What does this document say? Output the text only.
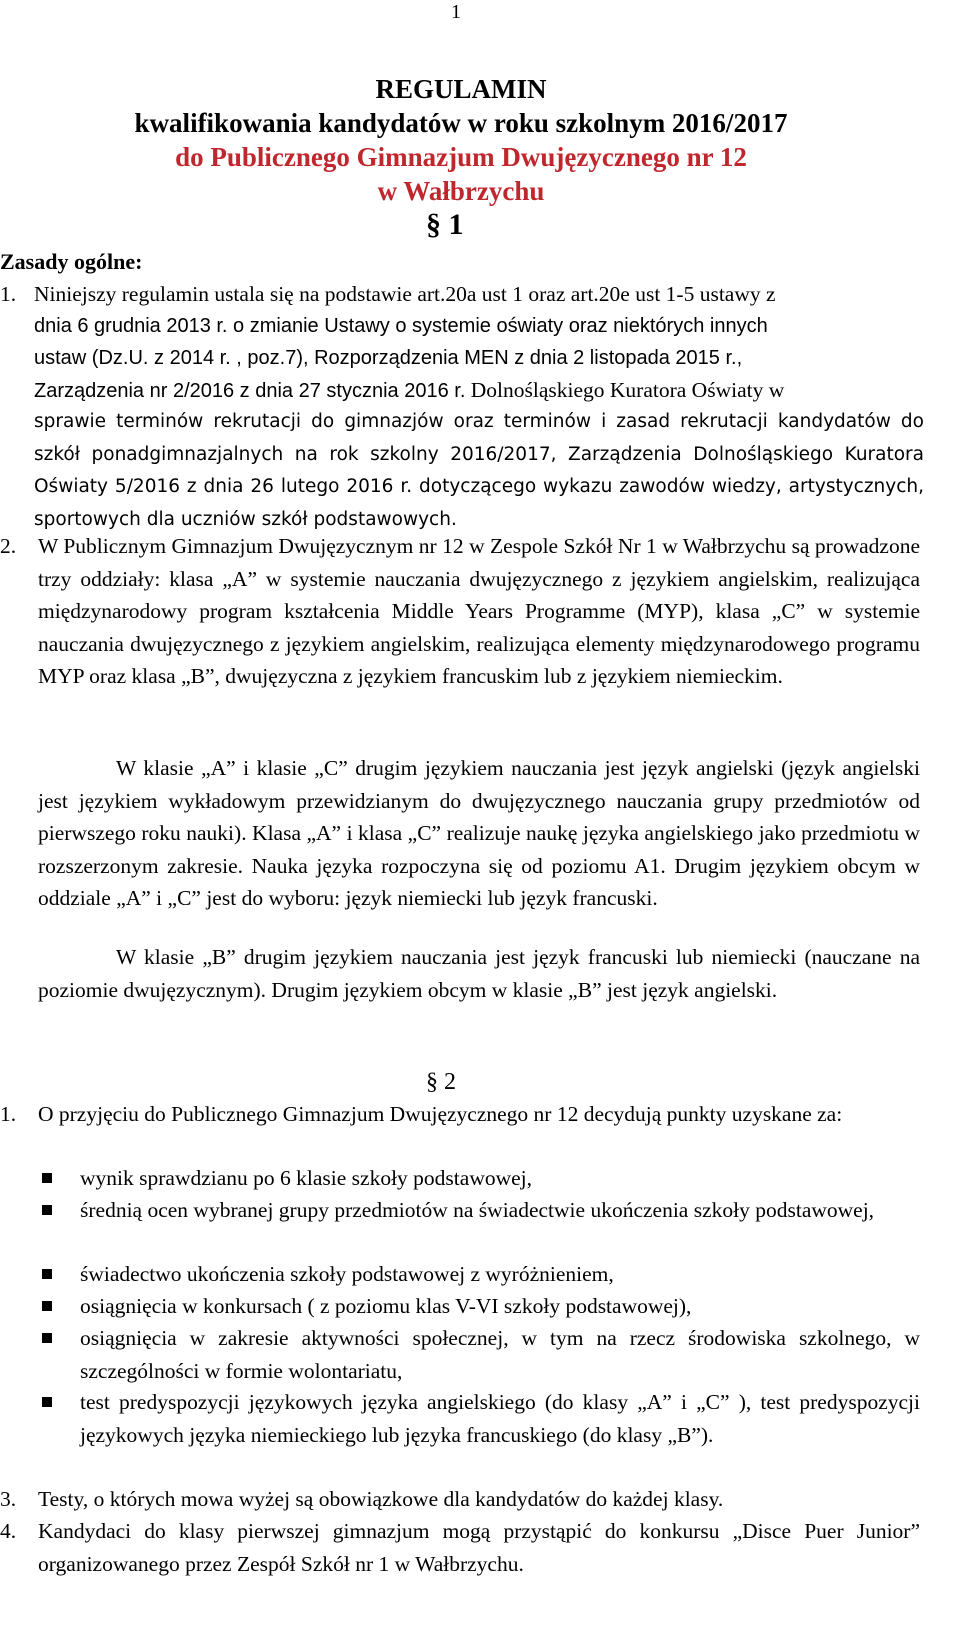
1
REGULAMIN
kwalifikowania kandydatów w roku szkolnym 2016/2017
do Publicznego Gimnazjum Dwujęzycznego nr 12
w Wałbrzychu
§ 1
Zasady ogólne:
1. Niniejszy regulamin ustala się na podstawie art.20a ust 1 oraz art.20e ust 1-5 ustawy z
dnia 6 grudnia 2013 r. o zmianie Ustawy o systemie oświaty oraz niektórych innych
ustaw (Dz.U. z 2014 r. , poz.7), Rozporządzenia MEN z dnia 2 listopada 2015 r.,
Zarządzenia nr 2/2016 z dnia 27 stycznia 2016 r. Dolnośląskiego Kuratora Oświaty w
sprawie terminów rekrutacji do gimnazjów oraz terminów i zasad rekrutacji kandydatów do szkół ponadgimnazjalnych na rok szkolny 2016/2017, Zarządzenia Dolnośląskiego Kuratora Oświaty 5/2016 z dnia 26 lutego 2016 r. dotyczącego wykazu zawodów wiedzy, artystycznych, sportowych dla uczniów szkół podstawowych.
2. W Publicznym Gimnazjum Dwujęzycznym nr 12 w Zespole Szkół Nr 1 w Wałbrzychu są prowadzone trzy oddziały: klasa „A” w systemie nauczania dwujęzycznego z językiem angielskim, realizująca międzynarodowy program kształcenia Middle Years Programme (MYP), klasa „C” w systemie nauczania dwujęzycznego z językiem angielskim, realizująca elementy międzynarodowego programu MYP oraz klasa „B”, dwujęzyczna z językiem francuskim lub z językiem niemieckim.
W klasie „A” i klasie „C” drugim językiem nauczania jest język angielski (język angielski jest językiem wykładowym przewidzianym do dwujęzycznego nauczania grupy przedmiotów od pierwszego roku nauki). Klasa „A” i klasa „C” realizuje naukę języka angielskiego jako przedmiotu w rozszerzonym zakresie. Nauka języka rozpoczyna się od poziomu A1. Drugim językiem obcym w oddziale „A” i „C” jest do wyboru: język niemiecki lub język francuski.
W klasie „B” drugim językiem nauczania jest język francuski lub niemiecki (nauczane na poziomie dwujęzycznym). Drugim językiem obcym w klasie „B” jest język angielski.
§ 2
1. O przyjęciu do Publicznego Gimnazjum Dwujęzycznego nr 12 decydują punkty uzyskane za:
wynik sprawdzianu po 6 klasie szkoły podstawowej,
średnią ocen wybranej grupy przedmiotów na świadectwie ukończenia szkoły podstawowej,
świadectwo ukończenia szkoły podstawowej z wyróżnieniem,
osiągnięcia w konkursach ( z poziomu klas V-VI szkoły podstawowej),
osiągnięcia w zakresie aktywności społecznej, w tym na rzecz środowiska szkolnego, w szczególności w formie wolontariatu,
test predyspozycji językowych języka angielskiego (do klasy „A” i „C” ), test predyspozycji językowych języka niemieckiego lub języka francuskiego (do klasy „B”).
3. Testy, o których mowa wyżej są obowiązkowe dla kandydatów do każdej klasy.
4. Kandydaci do klasy pierwszej gimnazjum mogą przystąpić do konkursu „Disce Puer Junior” organizowanego przez Zespół Szkół nr 1 w Wałbrzychu.
